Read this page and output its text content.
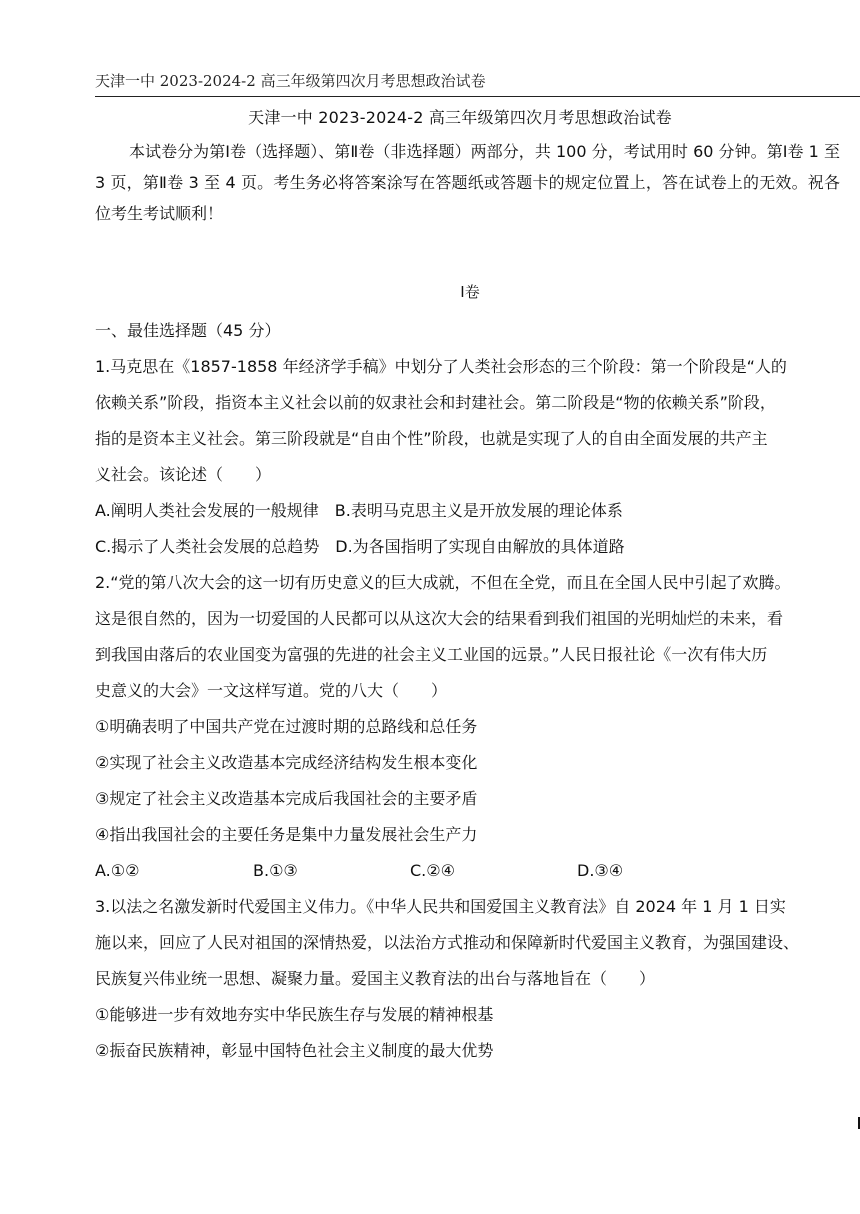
天津一中 2023-2024-2 高三年级第四次月考思想政治试卷
天津一中 2023-2024-2 高三年级第四次月考思想政治试卷

本试卷分为第Ⅰ卷（选择题）、第Ⅱ卷（非选择题）两部分，共 100 分，考试用时 60 分钟。第Ⅰ卷 1 至 3 页，第Ⅱ卷 3 至 4 页。考生务必将答案涂写在答题纸或答题卡的规定位置上，答在试卷上的无效。祝各位考生考试顺利！

Ⅰ卷

一、最佳选择题（45 分）

1.马克思在《1857-1858 年经济学手稿》中划分了人类社会形态的三个阶段：第一个阶段是“人的

依赖关系”阶段，指资本主义社会以前的奴隶社会和封建社会。第二阶段是“物的依赖关系”阶段，

指的是资本主义社会。第三阶段就是“自由个性”阶段，也就是实现了人的自由全面发展的共产主

义社会。该论述（　　）

A.阐明人类社会发展的一般规律　B.表明马克思主义是开放发展的理论体系

C.揭示了人类社会发展的总趋势　D.为各国指明了实现自由解放的具体道路

2.“党的第八次大会的这一切有历史意义的巨大成就，不但在全党，而且在全国人民中引起了欢腾。

这是很自然的，因为一切爱国的人民都可以从这次大会的结果看到我们祖国的光明灿烂的未来，看

到我国由落后的农业国变为富强的先进的社会主义工业国的远景。”人民日报社论《一次有伟大历

史意义的大会》一文这样写道。党的八大（　　）

①明确表明了中国共产党在过渡时期的总路线和总任务

②实现了社会主义改造基本完成经济结构发生根本变化

③规定了社会主义改造基本完成后我国社会的主要矛盾

④指出我国社会的主要任务是集中力量发展社会生产力

A.①②	B.①③	C.②④	D.③④

3.以法之名激发新时代爱国主义伟力。《中华人民共和国爱国主义教育法》自 2024 年 1 月 1 日实

施以来，回应了人民对祖国的深情热爱，以法治方式推动和保障新时代爱国主义教育，为强国建设、

民族复兴伟业统一思想、凝聚力量。爱国主义教育法的出台与落地旨在（　　）

①能够进一步有效地夯实中华民族生存与发展的精神根基

②振奋民族精神，彰显中国特色社会主义制度的最大优势
